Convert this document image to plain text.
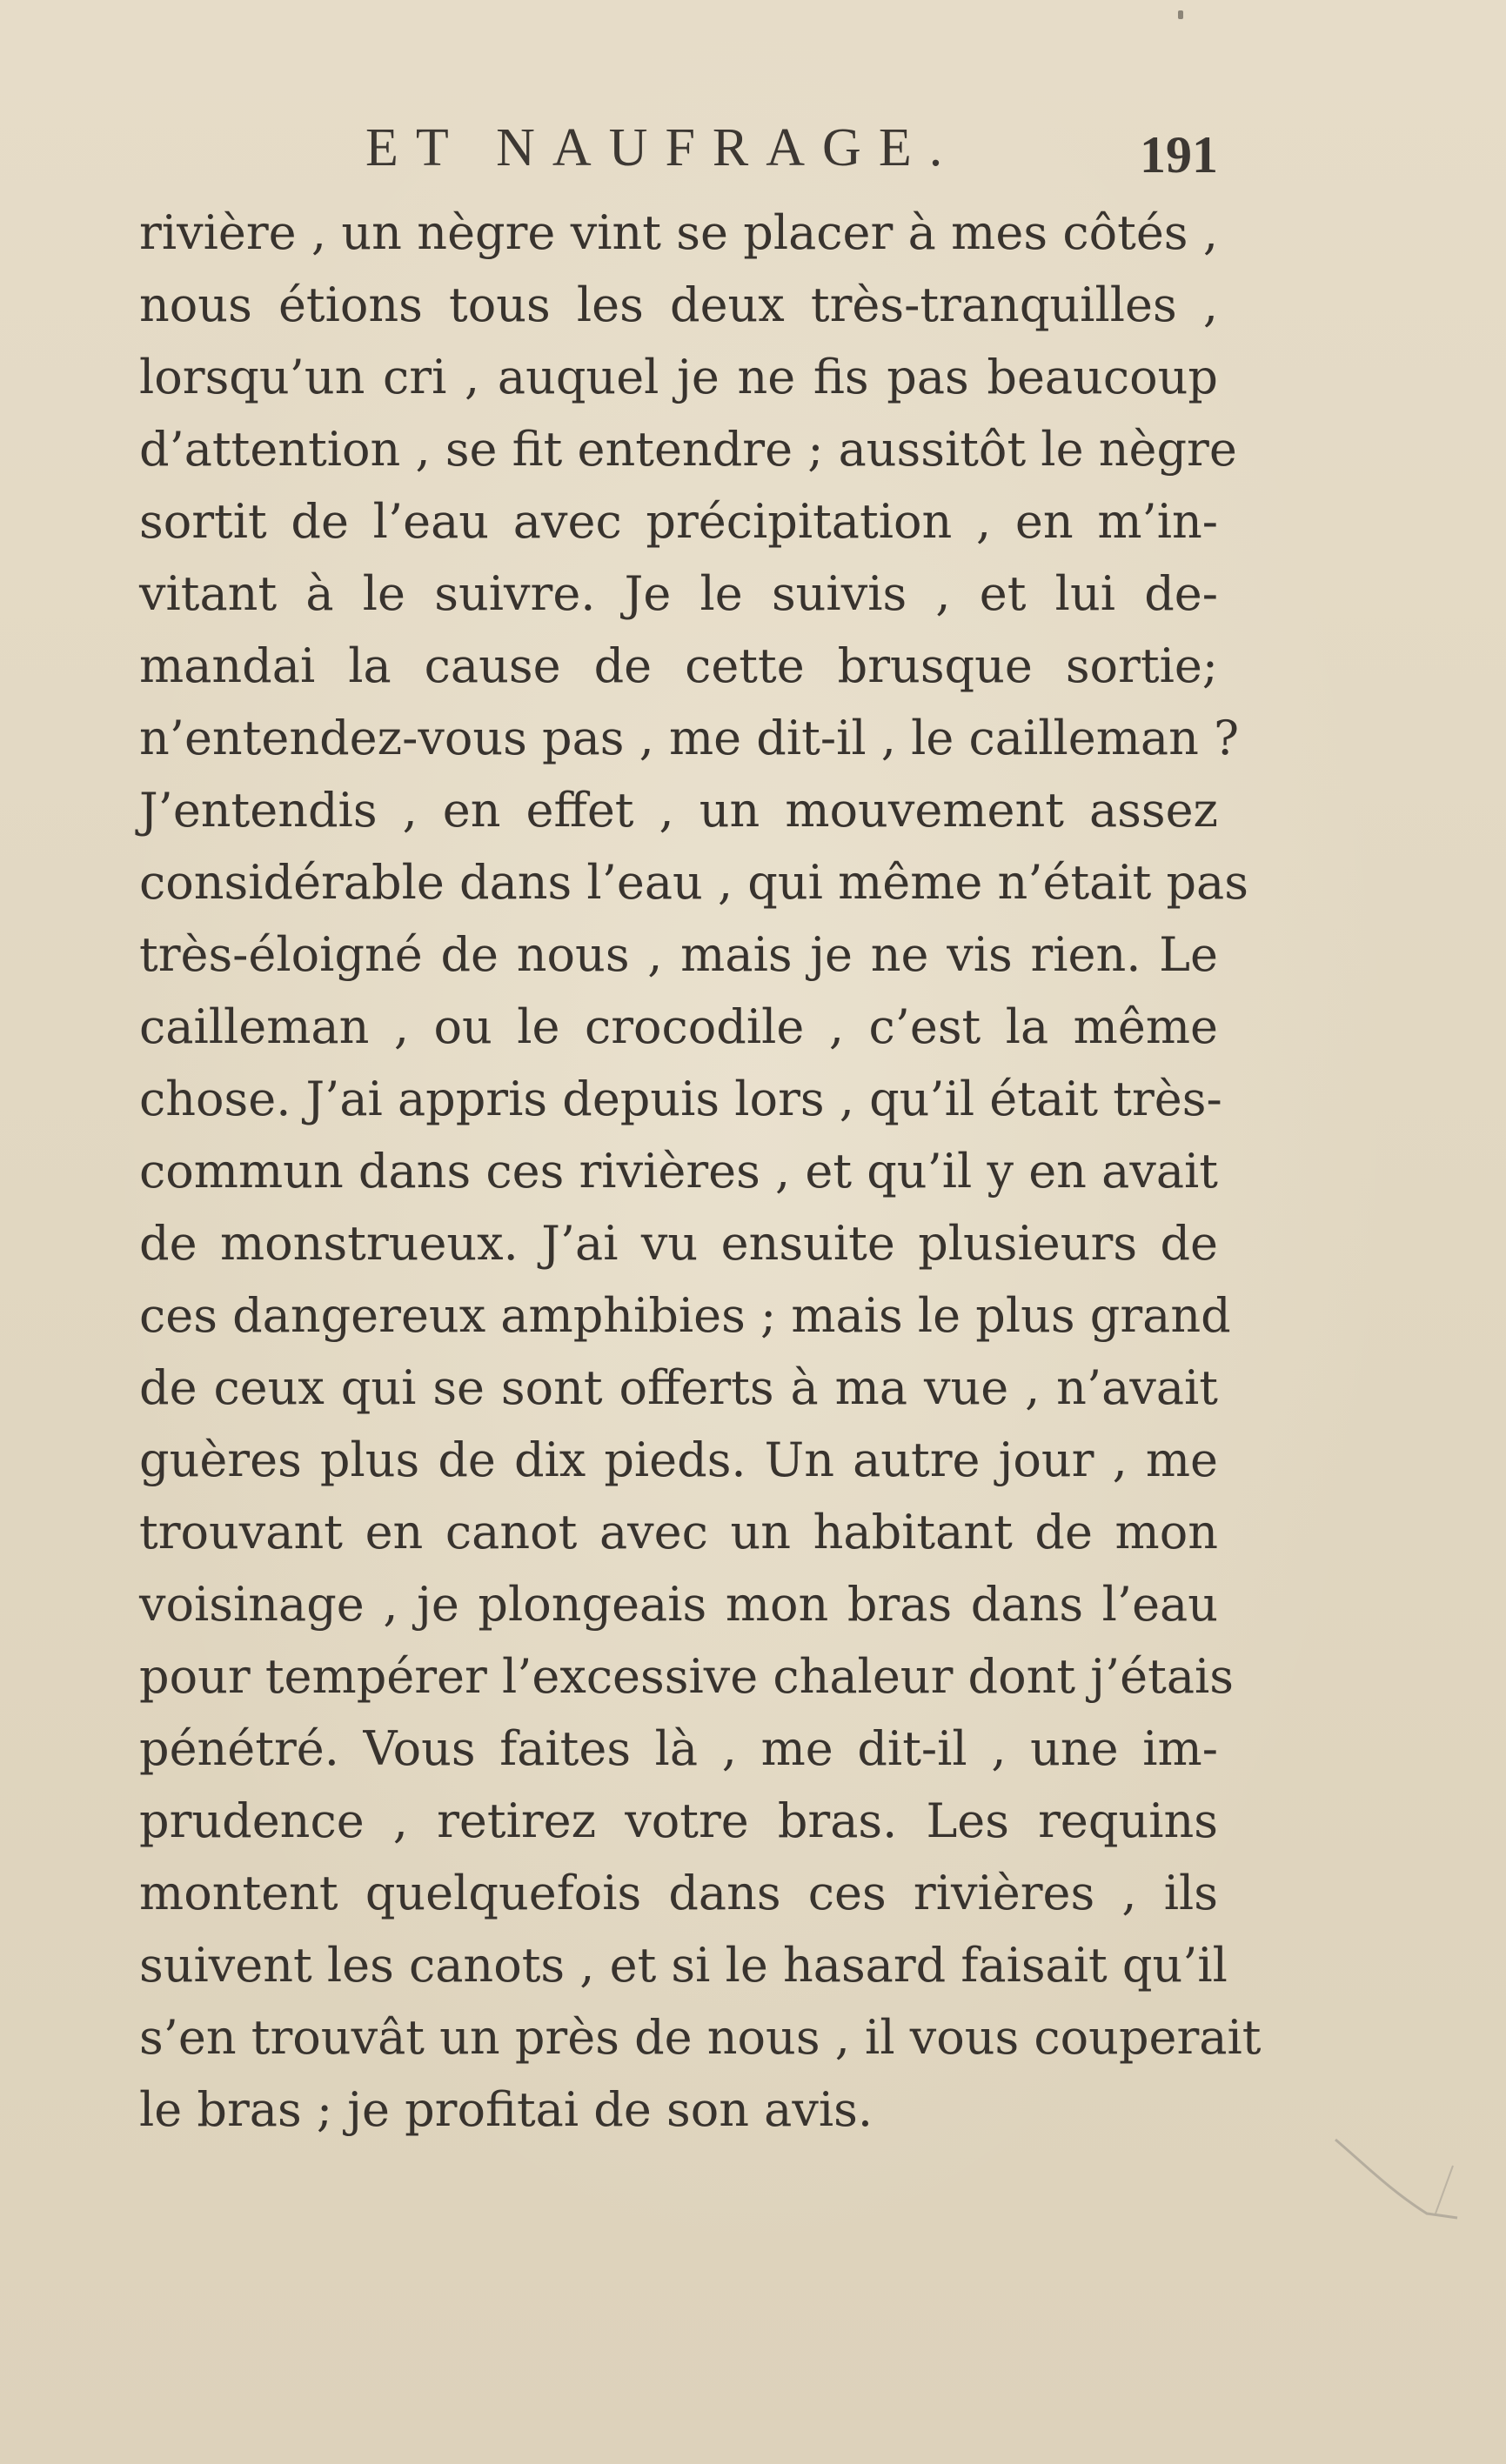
ET NAUFRAGE.	191
rivière , un nègre vint se placer à mes côtés ,
nous étions tous les deux très-tranquilles ,
lorsqu’un cri , auquel je ne fis pas beaucoup
d’attention , se fit entendre ; aussitôt le nègre
sortit de l’eau avec précipitation , en m’in-
vitant à le suivre. Je le suivis , et lui de-
mandai la cause de cette brusque sortie;
n’entendez-vous pas , me dit-il , le cailleman ?
J’entendis , en effet , un mouvement assez
considérable dans l’eau , qui même n’était pas
très-éloigné de nous , mais je ne vis rien. Le
cailleman , ou le crocodile , c’est la même
chose. J’ai appris depuis lors , qu’il était très-
commun dans ces rivières , et qu’il y en avait
de monstrueux. J’ai vu ensuite plusieurs de
ces dangereux amphibies ; mais le plus grand
de ceux qui se sont offerts à ma vue , n’avait
guères plus de dix pieds. Un autre jour , me
trouvant en canot avec un habitant de mon
voisinage , je plongeais mon bras dans l’eau
pour tempérer l’excessive chaleur dont j’étais
pénétré. Vous faites là , me dit-il , une im-
prudence , retirez votre bras. Les requins
montent quelquefois dans ces rivières , ils
suivent les canots , et si le hasard faisait qu’il
s’en trouvât un près de nous , il vous couperait
le bras ; je profitai de son avis.
